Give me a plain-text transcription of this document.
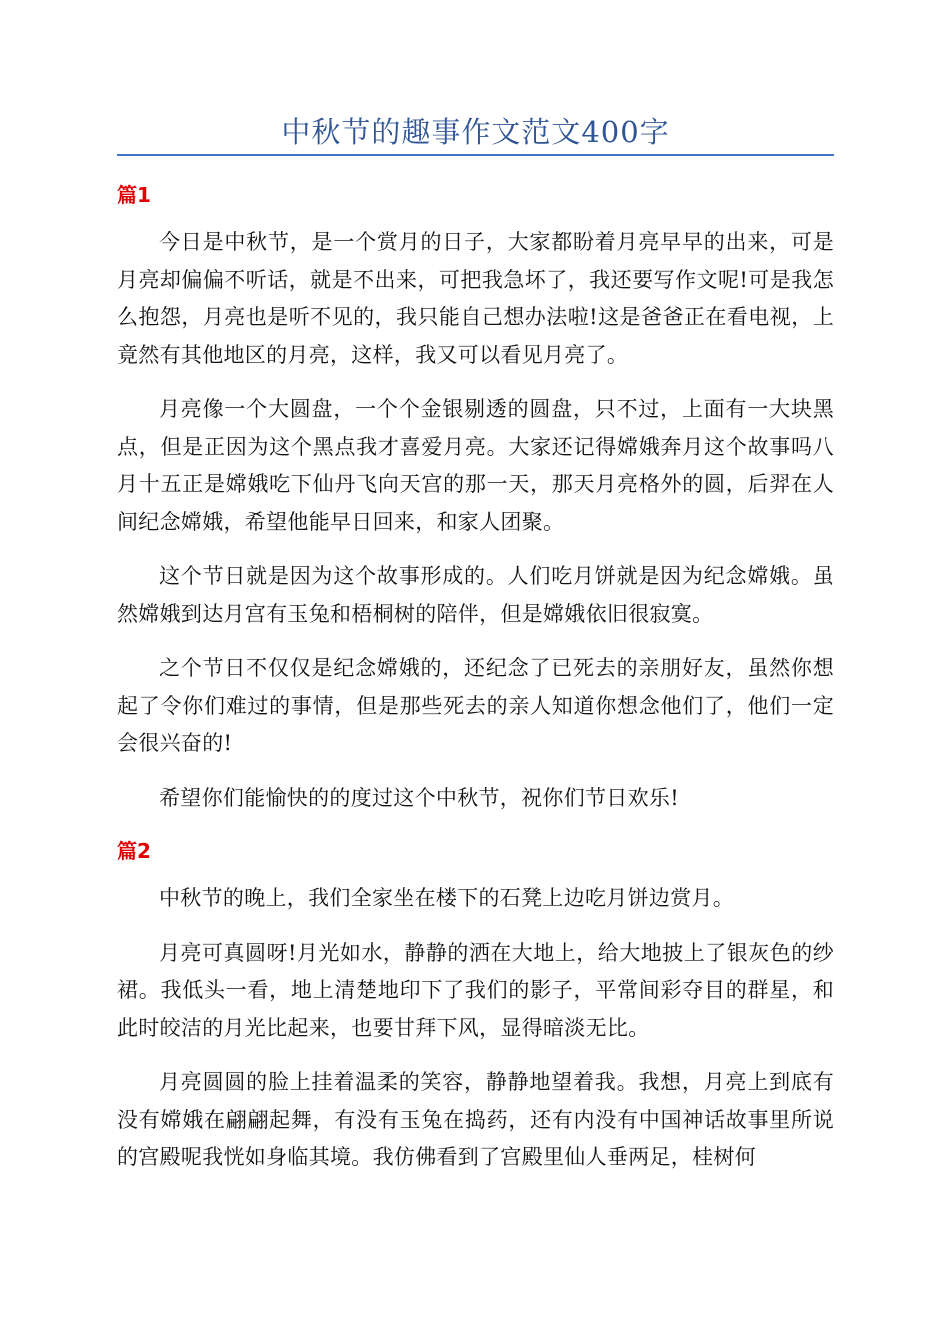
中秋节的趣事作文范文400字
篇1

今日是中秋节，是一个赏月的日子，大家都盼着月亮早早的出来，可是月亮却偏偏不听话，就是不出来，可把我急坏了，我还要写作文呢!可是我怎么抱怨，月亮也是听不见的，我只能自己想办法啦!这是爸爸正在看电视，上竟然有其他地区的月亮，这样，我又可以看见月亮了。

月亮像一个大圆盘，一个个金银剔透的圆盘，只不过，上面有一大块黑点，但是正因为这个黑点我才喜爱月亮。大家还记得嫦娥奔月这个故事吗八月十五正是嫦娥吃下仙丹飞向天宫的那一天，那天月亮格外的圆，后羿在人间纪念嫦娥，希望他能早日回来，和家人团聚。

这个节日就是因为这个故事形成的。人们吃月饼就是因为纪念嫦娥。虽然嫦娥到达月宫有玉兔和梧桐树的陪伴，但是嫦娥依旧很寂寞。

之个节日不仅仅是纪念嫦娥的，还纪念了已死去的亲朋好友，虽然你想起了令你们难过的事情，但是那些死去的亲人知道你想念他们了，他们一定会很兴奋的!

希望你们能愉快的的度过这个中秋节，祝你们节日欢乐!

篇2

中秋节的晚上，我们全家坐在楼下的石凳上边吃月饼边赏月。

月亮可真圆呀!月光如水，静静的洒在大地上，给大地披上了银灰色的纱裙。我低头一看，地上清楚地印下了我们的影子，平常间彩夺目的群星，和此时皎洁的月光比起来，也要甘拜下风，显得暗淡无比。

月亮圆圆的脸上挂着温柔的笑容，静静地望着我。我想，月亮上到底有没有嫦娥在翩翩起舞，有没有玉兔在捣药，还有内没有中国神话故事里所说的宫殿呢我恍如身临其境。我仿佛看到了宫殿里仙人垂两足，桂树何
